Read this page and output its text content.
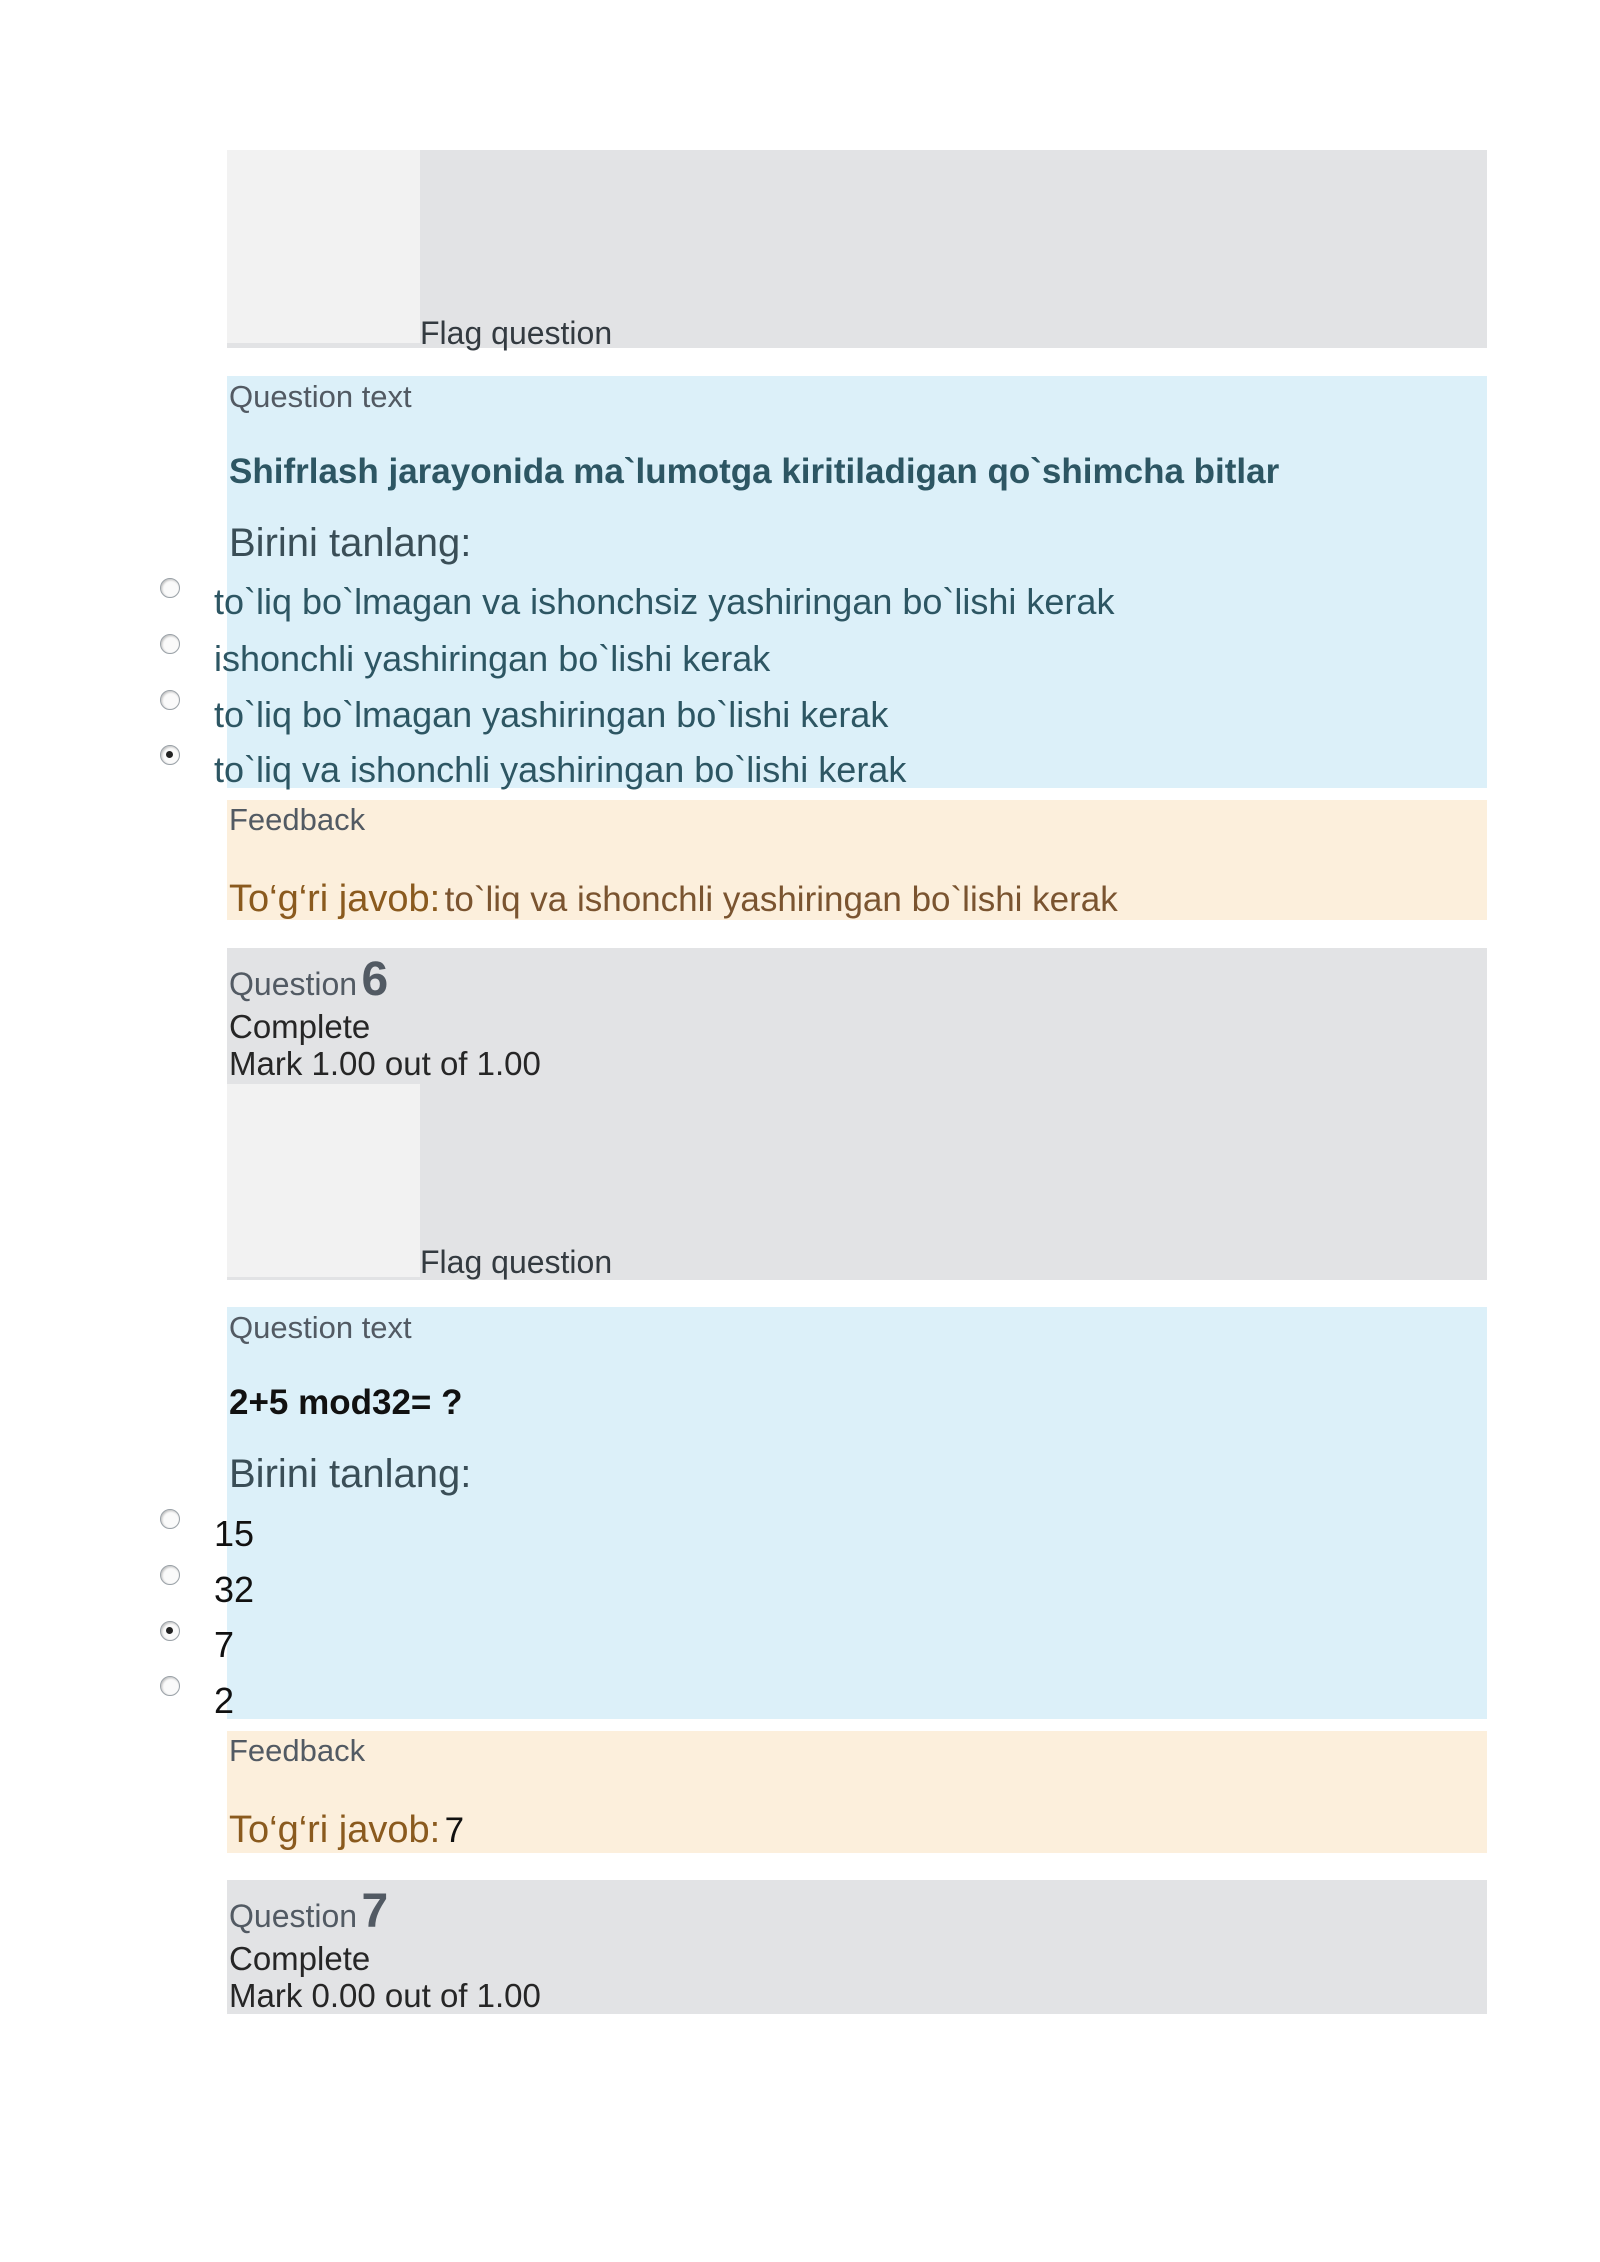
Flag question
Question text
Shifrlash jarayonida ma`lumotga kiritiladigan qo`shimcha bitlar
Birini tanlang:
to`liq bo`lmagan va ishonchsiz yashiringan bo`lishi kerak
ishonchli yashiringan bo`lishi kerak
to`liq bo`lmagan yashiringan bo`lishi kerak
to`liq va ishonchli yashiringan bo`lishi kerak
Feedback
To‘g‘ri javob: to`liq va ishonchli yashiringan bo`lishi kerak
Question 6
Complete
Mark 1.00 out of 1.00
Flag question
Question text
2+5 mod32= ?
Birini tanlang:
15
32
7
2
Feedback
To‘g‘ri javob: 7
Question 7
Complete
Mark 0.00 out of 1.00
